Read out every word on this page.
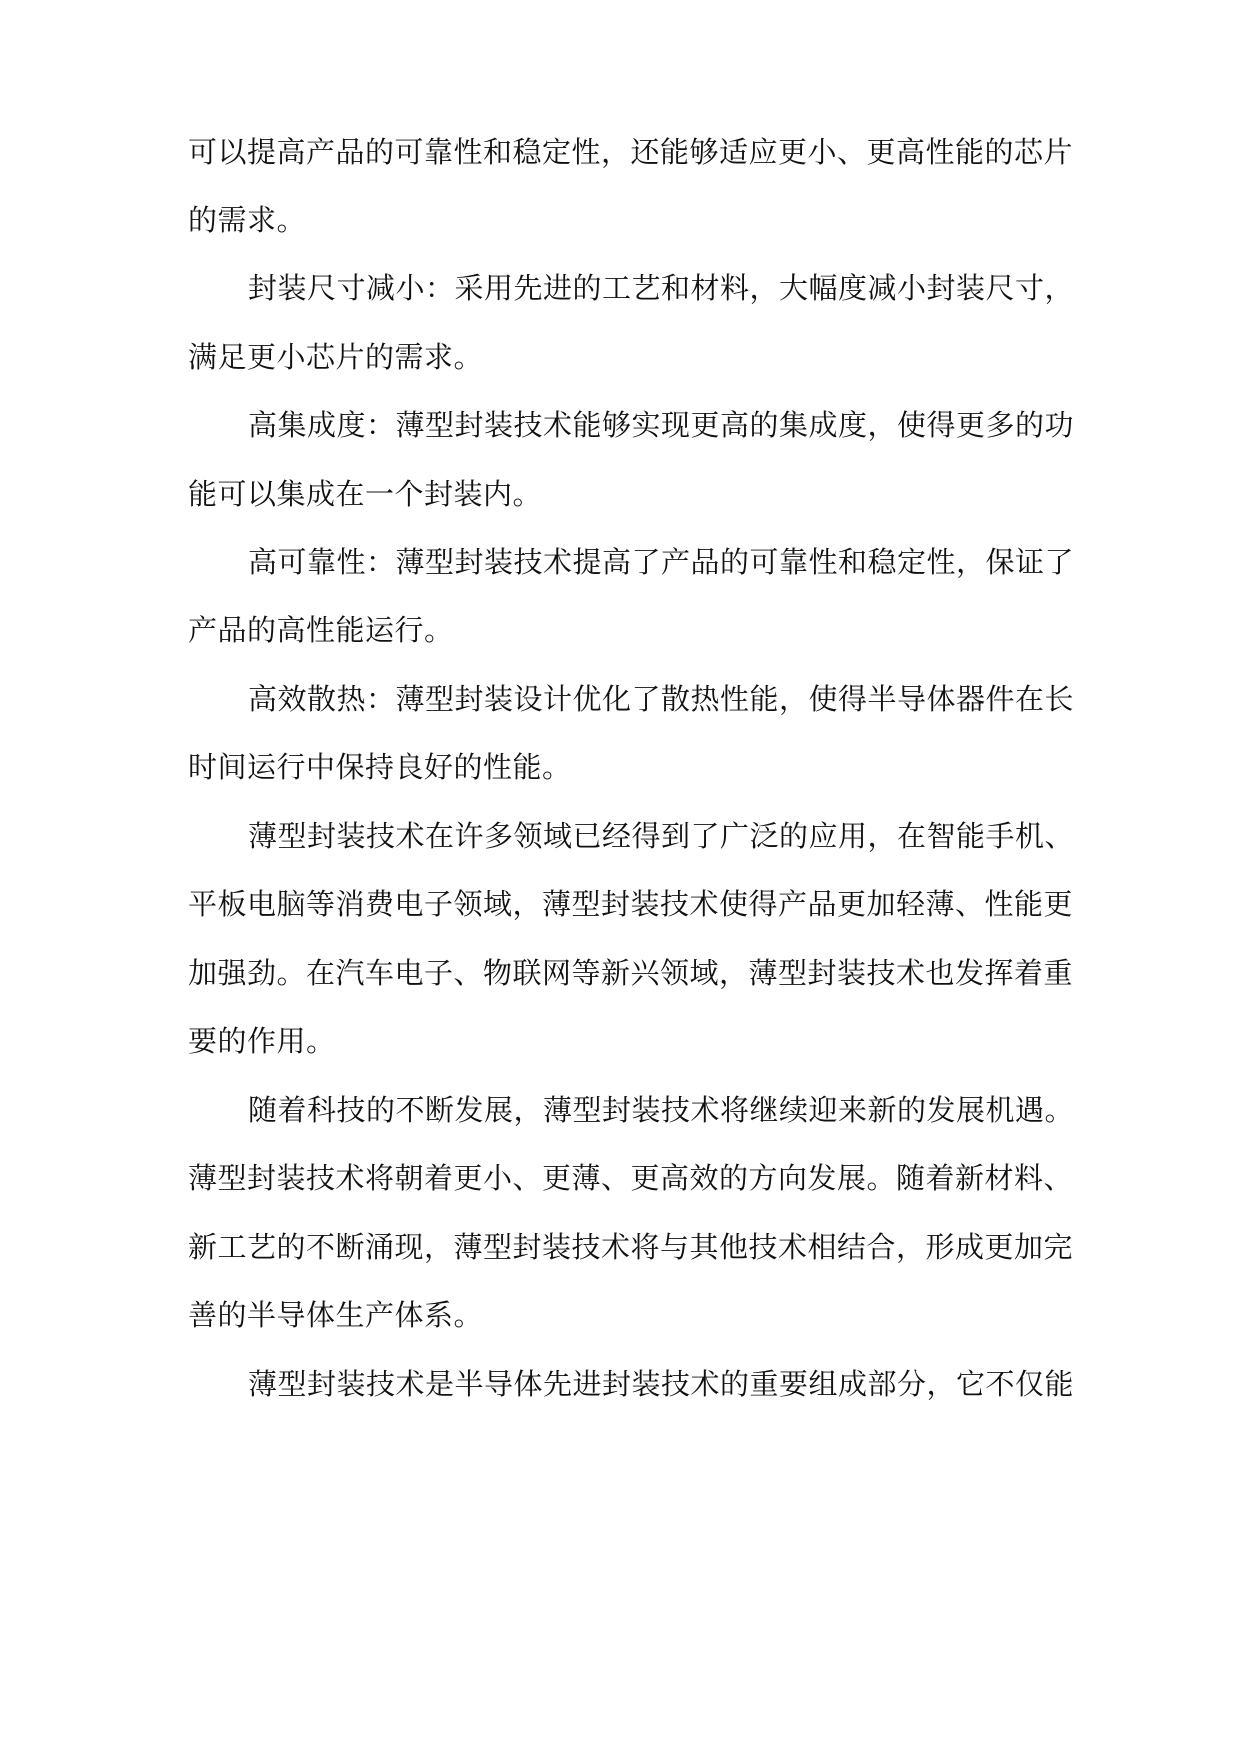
可以提高产品的可靠性和稳定性，还能够适应更小、更高性能的芯片
的需求。
封装尺寸减小：采用先进的工艺和材料，大幅度减小封装尺寸，
满足更小芯片的需求。
高集成度：薄型封装技术能够实现更高的集成度，使得更多的功
能可以集成在一个封装内。
高可靠性：薄型封装技术提高了产品的可靠性和稳定性，保证了
产品的高性能运行。
高效散热：薄型封装设计优化了散热性能，使得半导体器件在长
时间运行中保持良好的性能。
薄型封装技术在许多领域已经得到了广泛的应用，在智能手机、
平板电脑等消费电子领域，薄型封装技术使得产品更加轻薄、性能更
加强劲。在汽车电子、物联网等新兴领域，薄型封装技术也发挥着重
要的作用。
随着科技的不断发展，薄型封装技术将继续迎来新的发展机遇。
薄型封装技术将朝着更小、更薄、更高效的方向发展。随着新材料、
新工艺的不断涌现，薄型封装技术将与其他技术相结合，形成更加完
善的半导体生产体系。
薄型封装技术是半导体先进封装技术的重要组成部分，它不仅能
